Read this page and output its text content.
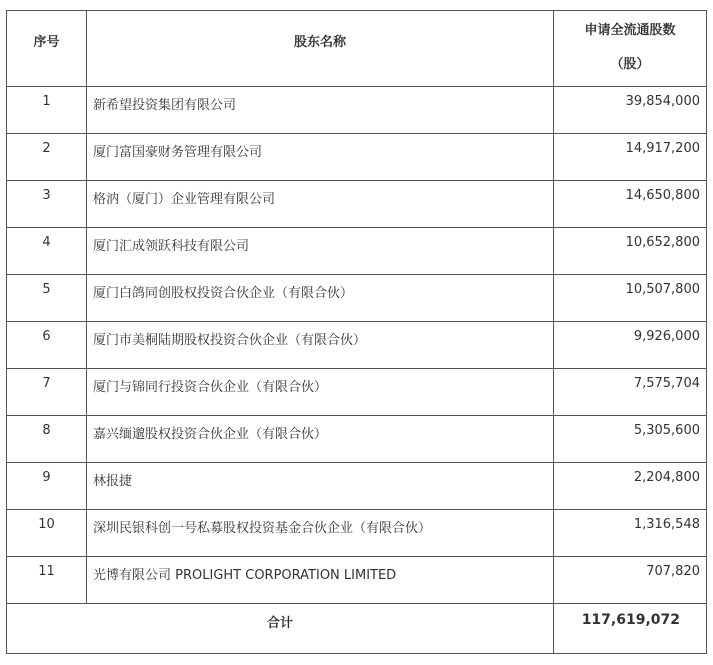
序号	股东名称	申请全流通股数
（股）

1	新希望投资集团有限公司	39,854,000
2	厦门富国豪财务管理有限公司	14,917,200
3	格汭（厦门）企业管理有限公司	14,650,800
4	厦门汇成领跃科技有限公司	10,652,800
5	厦门白鸽同创股权投资合伙企业（有限合伙）	10,507,800
6	厦门市美桐陆期股权投资合伙企业（有限合伙）	9,926,000
7	厦门与锦同行投资合伙企业（有限合伙）	7,575,704
8	嘉兴缅邈股权投资合伙企业（有限合伙）	5,305,600
9	林报捷	2,204,800
10	深圳民银科创一号私募股权投资基金合伙企业（有限合伙）	1,316,548
11	光博有限公司 PROLIGHT CORPORATION LIMITED	707,820
合计		117,619,072
